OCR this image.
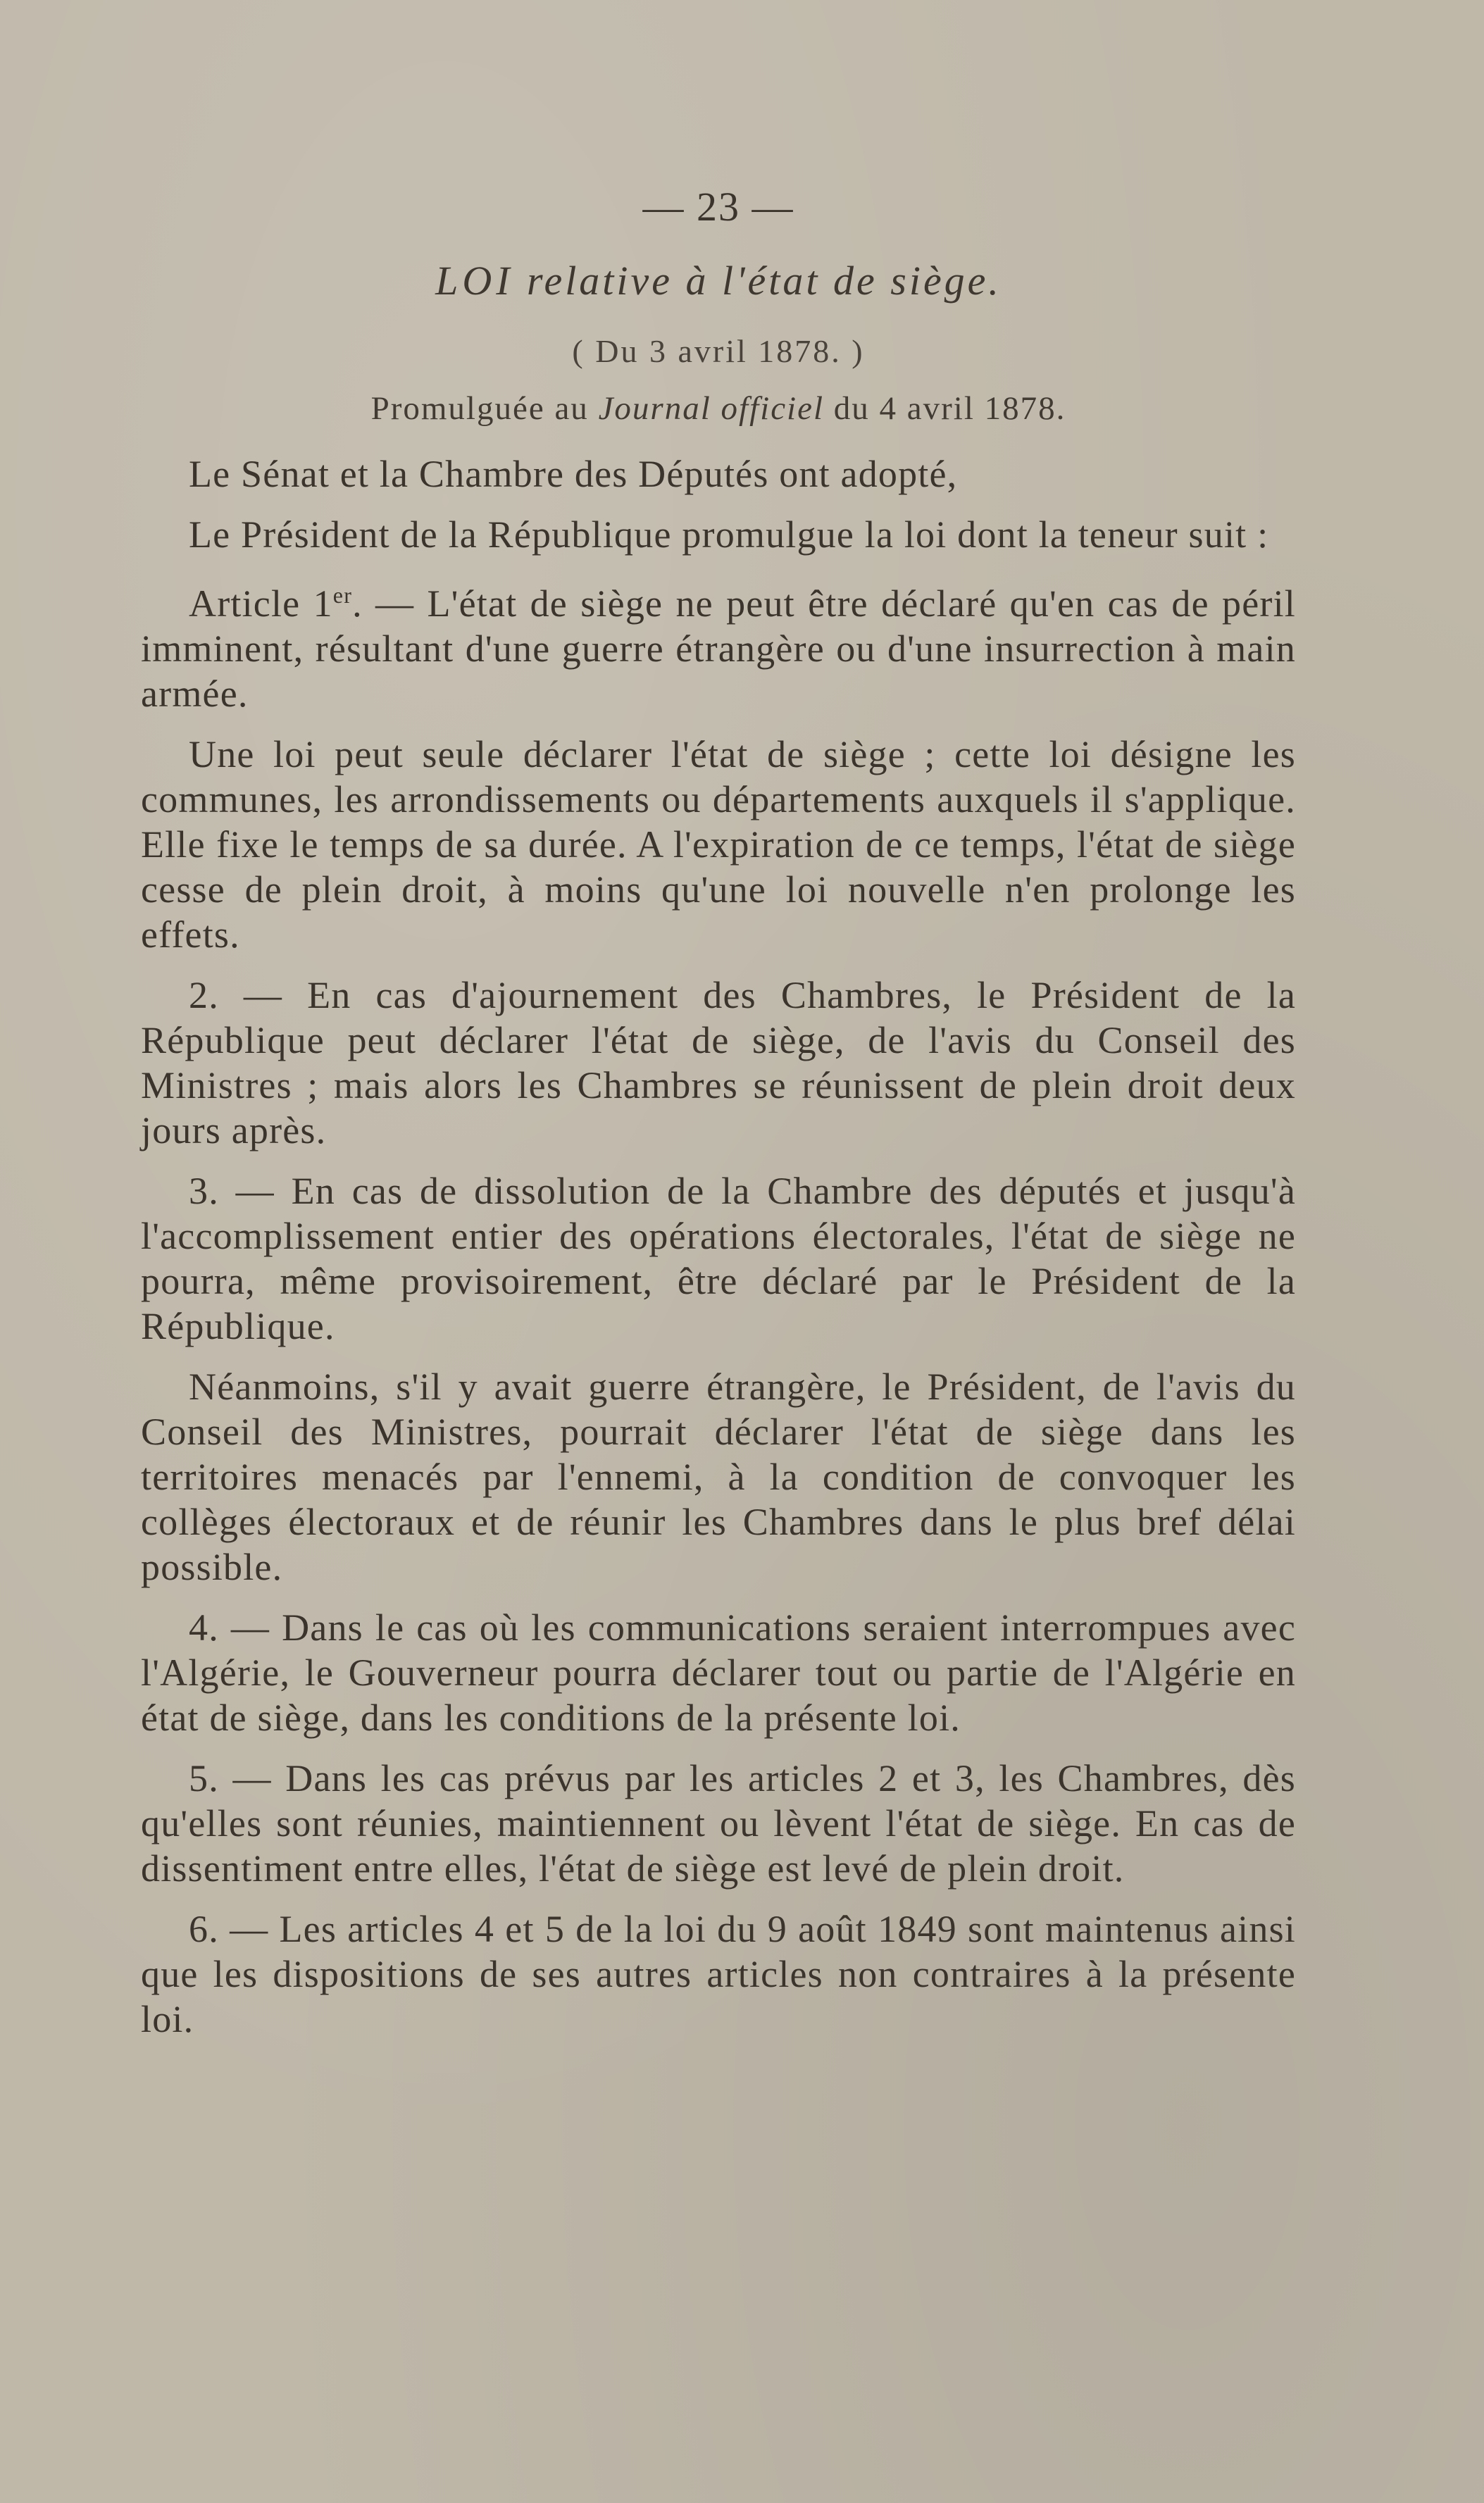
— 23 —
LOI relative à l'état de siège.
( Du 3 avril 1878. )
Promulguée au Journal officiel du 4 avril 1878.

Le Sénat et la Chambre des Députés ont adopté,

Le Président de la République promulgue la loi dont la teneur suit :

Article 1er. — L'état de siège ne peut être déclaré qu'en cas de péril imminent, résultant d'une guerre étrangère ou d'une insurrection à main armée.

Une loi peut seule déclarer l'état de siège ; cette loi désigne les communes, les arrondissements ou départements auxquels il s'applique. Elle fixe le temps de sa durée. A l'expiration de ce temps, l'état de siège cesse de plein droit, à moins qu'une loi nouvelle n'en prolonge les effets.

2. — En cas d'ajournement des Chambres, le Président de la République peut déclarer l'état de siège, de l'avis du Conseil des Ministres ; mais alors les Chambres se réunissent de plein droit deux jours après.

3. — En cas de dissolution de la Chambre des députés et jusqu'à l'accomplissement entier des opérations électorales, l'état de siège ne pourra, même provisoirement, être déclaré par le Président de la République.

Néanmoins, s'il y avait guerre étrangère, le Président, de l'avis du Conseil des Ministres, pourrait déclarer l'état de siège dans les territoires menacés par l'ennemi, à la condition de convoquer les collèges électoraux et de réunir les Chambres dans le plus bref délai possible.

4. — Dans le cas où les communications seraient interrompues avec l'Algérie, le Gouverneur pourra déclarer tout ou partie de l'Algérie en état de siège, dans les conditions de la présente loi.

5. — Dans les cas prévus par les articles 2 et 3, les Chambres, dès qu'elles sont réunies, maintiennent ou lèvent l'état de siège. En cas de dissentiment entre elles, l'état de siège est levé de plein droit.

6. — Les articles 4 et 5 de la loi du 9 août 1849 sont maintenus ainsi que les dispositions de ses autres articles non contraires à la présente loi.
